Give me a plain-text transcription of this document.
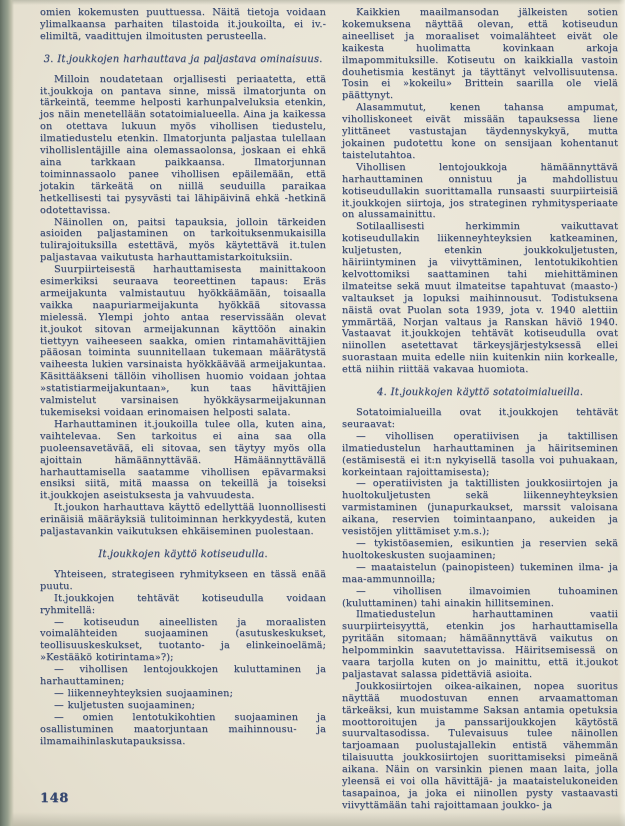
omien kokemusten puuttuessa. Näitä tietoja voidaan ylimalkaansa parhaiten tilastoida it.joukoilta, ei iv.-elimiltä, vaadittujen ilmoitusten perusteella.

3. It.joukkojen harhauttava ja paljastava ominaisuus.

Milloin noudatetaan orjallisesti periaatetta, että it.joukkoja on pantava sinne, missä ilmatorjunta on tärkeintä, teemme helposti karhunpalveluksia etenkin, jos näin menetellään sotatoimialueella. Aina ja kaikessa on otettava lukuun myös vihollisen tiedustelu, ilmatiedustelu etenkin. Ilmatorjunta paljastaa tulellaan vihollislentäjille aina olemassaolonsa, joskaan ei ehkä aina tarkkaan paikkaansa. Ilmatorjunnan toiminnassaolo panee vihollisen epäilemään, että jotakin tärkeätä on niillä seuduilla paraikaa hetkellisesti tai pysyvästi tai lähipäivinä ehkä -hetkinä odotettavissa.

Näinollen on, paitsi tapauksia, jolloin tärkeiden asioiden paljastaminen on tarkoituksenmukaisilla tulirajoituksilla estettävä, myös käytettävä it.tulen paljastavaa vaikutusta harhauttamistarkoituksiin.

Suurpiirteisestä harhauttamisesta mainittakoon esimerkiksi seuraava teoreettinen tapaus: Eräs armeijakunta valmistautuu hyökkäämään, toisaalla vaikka naapuriarmeijakunta hyökkää sitovassa mielessä. Ylempi johto antaa reservissään olevat it.joukot sitovan armeijakunnan käyttöön ainakin tiettyyn vaiheeseen saakka, omien rintamahävittäjien pääosan toiminta suunnitellaan tukemaan määrätystä vaiheesta lukien varsinaista hyökkäävää armeijakuntaa. Käsittääkseni tällöin vihollisen huomio voidaan johtaa »statistiarmeijakuntaan», kun taas hävittäjien valmistelut varsinaisen hyökkäysarmeijakunnan tukemiseksi voidaan erinomaisen helposti salata.

Harhauttaminen it.joukoilla tulee olla, kuten aina, vaihtelevaa. Sen tarkoitus ei aina saa olla puoleensavetävää, eli sitovaa, sen täytyy myös olla ajoittain hämäännyttävää. Hämäännyttävällä harhauttamisella saatamme vihollisen epävarmaksi ensiksi siitä, mitä maassa on tekeillä ja toiseksi it.joukkojen aseistuksesta ja vahvuudesta.

It.joukon harhauttava käyttö edellyttää luonnollisesti erinäisiä määräyksiä tulitoiminnan herkkyydestä, kuten paljastavankin vaikutuksen ehkäiseminen puolestaan.

It.joukkojen käyttö kotiseudulla.

Yhteiseen, strategiseen ryhmitykseen en tässä enää puutu.

It.joukkojen tehtävät kotiseudulla voidaan ryhmitellä:

— kotiseudun aineellisten ja moraalisten voimalähteiden suojaaminen (asutuskeskukset, teollisuuskeskukset, tuotanto- ja elinkeinoelämä; »Kestääkö kotirintama»?);

— vihollisen lentojoukkojen kuluttaminen ja harhauttaminen;

— liikenneyhteyksien suojaaminen;

— kuljetusten suojaaminen;

— omien lentotukikohtien suojaaminen ja osallistuminen maatorjuntaan maihinnousu- ja ilmamaihinlaskutapauksissa.

148

Kaikkien maailmansodan jälkeisten sotien kokemuksena näyttää olevan, että kotiseudun aineelliset ja moraaliset voimalähteet eivät ole kaikesta huolimatta kovinkaan arkoja ilmapommituksille. Kotiseutu on kaikkialla vastoin douhetismia kestänyt ja täyttänyt velvollisuutensa. Tosin ei »kokeilu» Brittein saarilla ole vielä päättynyt.

Alasammutut, kenen tahansa ampumat, viholliskoneet eivät missään tapauksessa liene ylittäneet vastustajan täydennyskykyä, mutta jokainen pudotettu kone on sensijaan kohentanut taistelutahtoa.

Vihollisen lentojoukkoja hämäännyttävä harhauttaminen onnistuu ja mahdollistuu kotiseudullakin suorittamalla runsaasti suurpiirteisiä it.joukkojen siirtoja, jos strateginen ryhmitysperiaate on alussamainittu.

Sotilaallisesti herkimmin vaikuttavat kotiseudullakin liikenneyhteyksien katkeaminen, kuljetusten, etenkin joukkokuljetusten, häiriintyminen ja viivyttäminen, lentotukikohtien kelvottomiksi saattaminen tahi miehittäminen ilmateitse sekä muut ilmateitse tapahtuvat (maasto-) valtaukset ja lopuksi maihinnousut. Todistuksena näistä ovat Puolan sota 1939, jota v. 1940 alettiin ymmärtää, Norjan valtaus ja Ranskan häviö 1940. Vastaavat it.joukkojen tehtävät kotiseudulla ovat niinollen asetettavat tärkeysjärjestyksessä ellei suorastaan muita edelle niin kuitenkin niin korkealle, että niihin riittää vakavaa huomiota.

4. It.joukkojen käyttö sotatoimialueilla.

Sotatoimialueilla ovat it.joukkojen tehtävät seuraavat:

— vihollisen operatiivisen ja taktillisen ilmatiedustelun harhauttaminen ja häiritseminen (estämisestä ei it:n nykyisellä tasolla voi puhuakaan, korkeintaan rajoittamisesta);

— operatiivisten ja taktillisten joukkosiirtojen ja huoltokuljetusten sekä liikenneyhteyksien varmistaminen (junapurkaukset, marssit valoisana aikana, reservien toimintaanpano, aukeiden ja vesistöjen ylittämiset y.m.s.);

— tykistöasemien, esikuntien ja reservien sekä huoltokeskusten suojaaminen;

— maataistelun (painopisteen) tukeminen ilma- ja maa-ammunnoilla;

— vihollisen ilmavoimien tuhoaminen (kuluttaminen) tahi ainakin hillitseminen.

Ilmatiedustelun harhauttaminen vaatii suurpiirteisyyttä, etenkin jos harhauttamisella pyritään sitomaan; hämäännyttävä vaikutus on helpomminkin saavutettavissa. Häiritsemisessä on vaara tarjolla kuten on jo mainittu, että it.joukot paljastavat salassa pidettäviä asioita.

Joukkosiirtojen oikea-aikainen, nopea suoritus näyttää muodostuvan ennen arvaamattoman tärkeäksi, kun muistamme Saksan antamia opetuksia moottoroitujen ja panssarijoukkojen käytöstä suurvaltasodissa. Tulevaisuus tulee näinollen tarjoamaan puolustajallekin entistä vähemmän tilaisuutta joukkosiirtojen suorittamiseksi pimeänä aikana. Näin on varsinkin pienen maan laita, jolla yleensä ei voi olla hävittäjä- ja maataistelukoneiden tasapainoa, ja joka ei niinollen pysty vastaavasti viivyttämään tahi rajoittamaan joukko- ja
